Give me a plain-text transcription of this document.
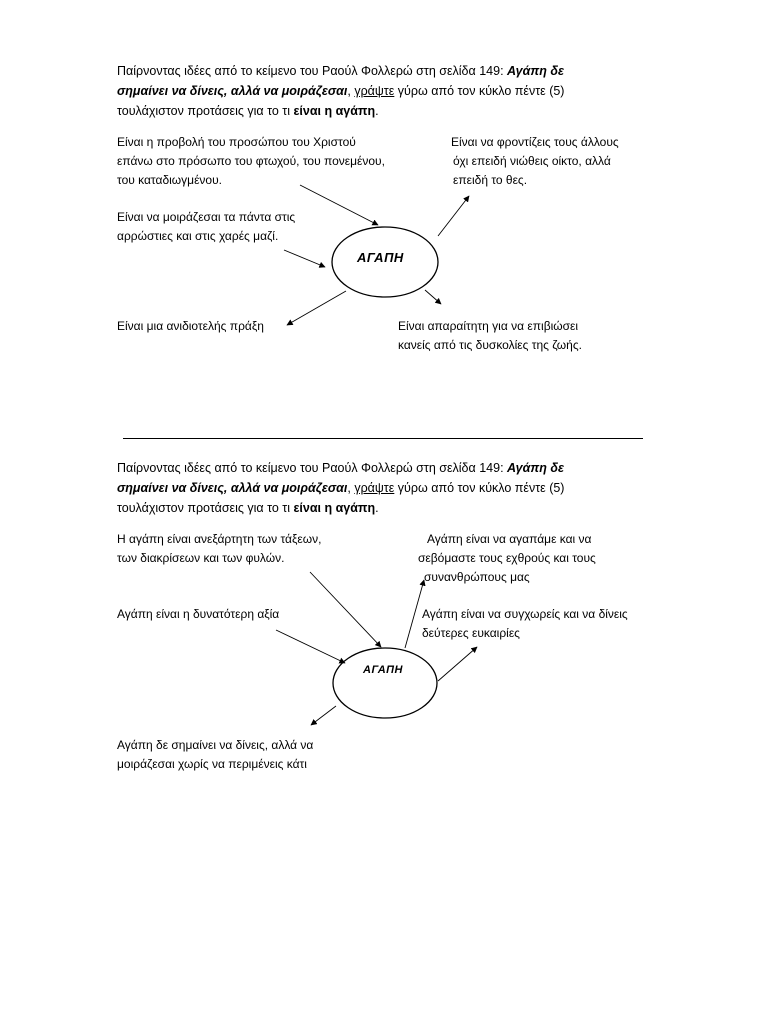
Παίρνοντας ιδέες από το κείμενο του Ραούλ Φολλερώ στη σελίδα 149: Αγάπη δε
σημαίνει να δίνεις, αλλά να μοιράζεσαι, γράψτε γύρω από τον κύκλο πέντε (5)
τουλάχιστον προτάσεις για το τι είναι η αγάπη.
Είναι η προβολή του προσώπου του Χριστού
επάνω στο πρόσωπο του φτωχού, του πονεμένου,
του καταδιωγμένου.
Είναι να φροντίζεις τους άλλους
όχι επειδή νιώθεις οίκτο, αλλά
επειδή το θες.
Είναι να μοιράζεσαι τα πάντα στις
αρρώστιες και στις χαρές μαζί.
ΑΓΑΠΗ
Είναι μια ανιδιοτελής πράξη	Είναι απαραίτητη για να επιβιώσει
κανείς από τις δυσκολίες της ζωής.
Παίρνοντας ιδέες από το κείμενο του Ραούλ Φολλερώ στη σελίδα 149: Αγάπη δε
σημαίνει να δίνεις, αλλά να μοιράζεσαι, γράψτε γύρω από τον κύκλο πέντε (5)
τουλάχιστον προτάσεις για το τι είναι η αγάπη.
Η αγάπη είναι ανεξάρτητη των τάξεων,
των διακρίσεων και των φυλών.
Αγάπη είναι να αγαπάμε και να
σεβόμαστε τους εχθρούς και τους
συνανθρώπους μας
Αγάπη είναι η δυνατότερη αξία	Αγάπη είναι να συγχωρείς και να δίνεις
δεύτερες ευκαιρίες
ΑΓΑΠΗ
Αγάπη δε σημαίνει να δίνεις, αλλά να
μοιράζεσαι χωρίς να περιμένεις κάτι
